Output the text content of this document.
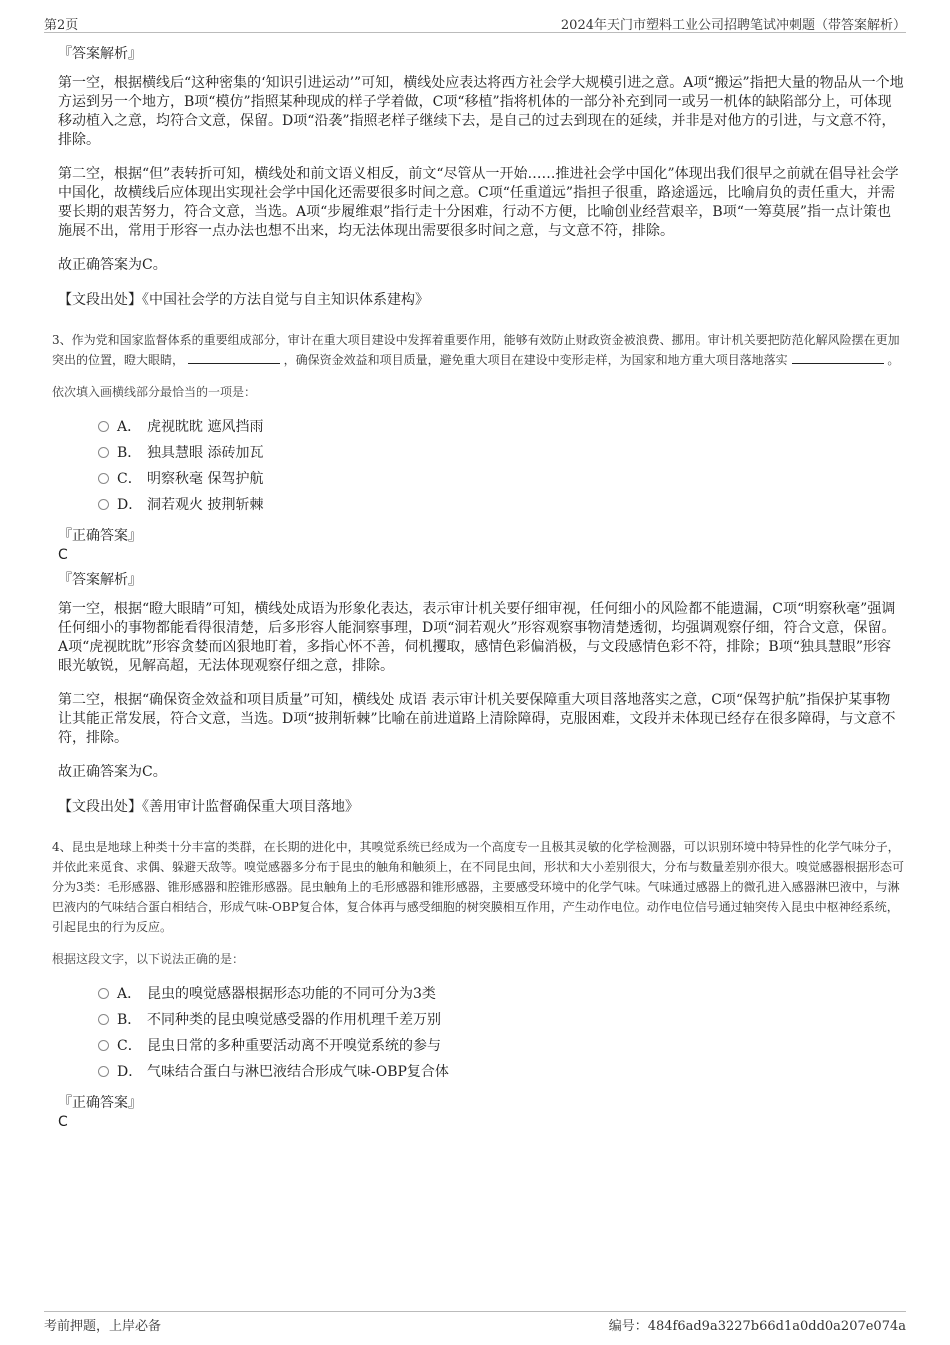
第2页	2024年天门市塑料工业公司招聘笔试冲刺题（带答案解析）
『答案解析』

第一空，根据横线后“这种密集的‘知识引进运动’”可知，横线处应表达将西方社会学大规模引进之意。A项“搬运”指把大量的物品从一个地方运到另一个地方，B项“模仿”指照某种现成的样子学着做，C项“移植”指将机体的一部分补充到同一或另一机体的缺陷部分上，可体现移动植入之意，均符合文意，保留。D项“沿袭”指照老样子继续下去，是自己的过去到现在的延续，并非是对他方的引进，与文意不符，排除。

第二空，根据“但”表转折可知，横线处和前文语义相反，前文“尽管从一开始……推进社会学中国化”体现出我们很早之前就在倡导社会学中国化，故横线后应体现出实现社会学中国化还需要很多时间之意。C项“任重道远”指担子很重，路途遥远，比喻肩负的责任重大，并需要长期的艰苦努力，符合文意，当选。A项“步履维艰”指行走十分困难，行动不方便，比喻创业经营艰辛，B项“一筹莫展”指一点计策也施展不出，常用于形容一点办法也想不出来，均无法体现出需要很多时间之意，与文意不符，排除。

故正确答案为C。

【文段出处】《中国社会学的方法自觉与自主知识体系建构》

3、作为党和国家监督体系的重要组成部分，审计在重大项目建设中发挥着重要作用，能够有效防止财政资金被浪费、挪用。审计机关要把防范化解风险摆在更加突出的位置，瞪大眼睛，	，确保资金效益和项目质量，避免重大项目在建设中变形走样，为国家和地方重大项目落地落实	。

依次填入画横线部分最恰当的一项是：

A． 虎视眈眈 遮风挡雨
B． 独具慧眼 添砖加瓦
C． 明察秋毫 保驾护航
D． 洞若观火 披荆斩棘
『正确答案』
C
『答案解析』

第一空，根据“瞪大眼睛”可知，横线处成语为形象化表达，表示审计机关要仔细审视，任何细小的风险都不能遗漏，C项“明察秋毫”强调任何细小的事物都能看得很清楚，后多形容人能洞察事理，D项“洞若观火”形容观察事物清楚透彻，均强调观察仔细，符合文意，保留。A项“虎视眈眈”形容贪婪而凶狠地盯着，多指心怀不善，伺机攫取，感情色彩偏消极，与文段感情色彩不符，排除；B项“独具慧眼”形容眼光敏锐，见解高超，无法体现观察仔细之意，排除。

第二空，根据“确保资金效益和项目质量”可知，横线处 成语 表示审计机关要保障重大项目落地落实之意，C项“保驾护航”指保护某事物让其能正常发展，符合文意，当选。D项“披荆斩棘”比喻在前进道路上清除障碍，克服困难，文段并未体现已经存在很多障碍，与文意不符，排除。

故正确答案为C。

【文段出处】《善用审计监督确保重大项目落地》

4、昆虫是地球上种类十分丰富的类群，在长期的进化中，其嗅觉系统已经成为一个高度专一且极其灵敏的化学检测器，可以识别环境中特异性的化学气味分子，并依此来觅食、求偶、躲避天敌等。嗅觉感器多分布于昆虫的触角和触须上，在不同昆虫间，形状和大小差别很大，分布与数量差别亦很大。嗅觉感器根据形态可分为3类：毛形感器、锥形感器和腔锥形感器。昆虫触角上的毛形感器和锥形感器，主要感受环境中的化学气味。气味通过感器上的微孔进入感器淋巴液中，与淋巴液内的气味结合蛋白相结合，形成气味-OBP复合体，复合体再与感受细胞的树突膜相互作用，产生动作电位。动作电位信号通过轴突传入昆虫中枢神经系统，引起昆虫的行为反应。

根据这段文字，以下说法正确的是：

A． 昆虫的嗅觉感器根据形态功能的不同可分为3类
B． 不同种类的昆虫嗅觉感受器的作用机理千差万别
C． 昆虫日常的多种重要活动离不开嗅觉系统的参与
D． 气味结合蛋白与淋巴液结合形成气味-OBP复合体
『正确答案』
C
考前押题，上岸必备	编号：484f6ad9a3227b66d1a0dd0a207e074a
